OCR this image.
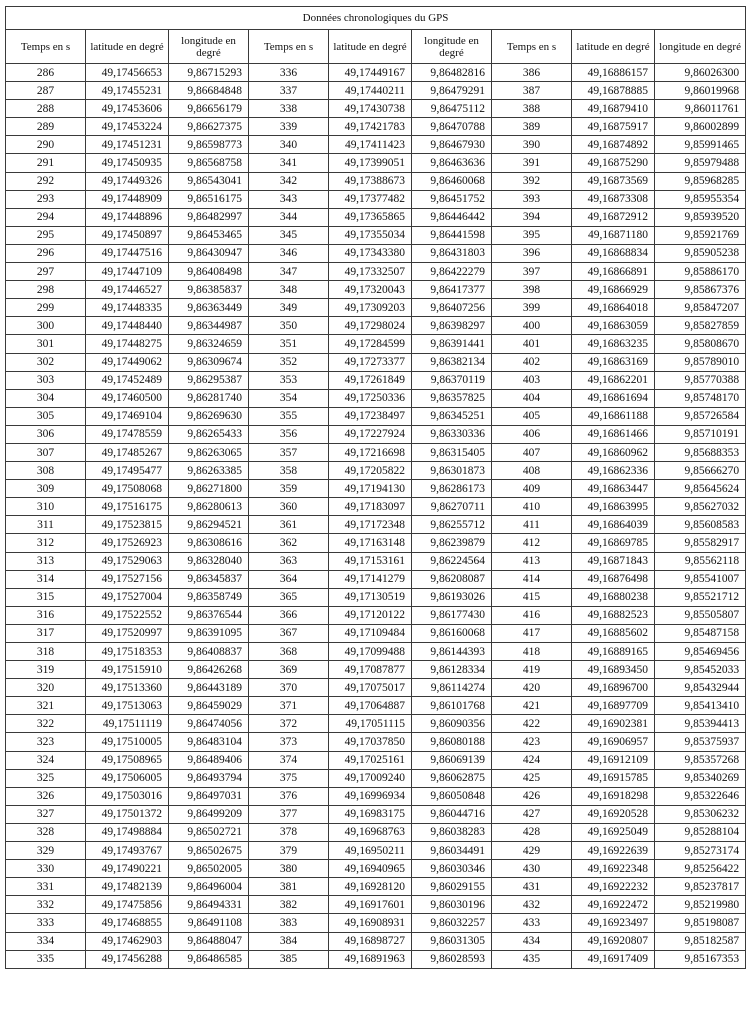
Données chronologiques du GPS								
Temps en s	latitude en degré	longitude en degré	Temps en s	latitude en degré	longitude en degré	Temps en s	latitude en degré	longitude en degré
286	49,17456653	9,86715293	336	49,17449167	9,86482816	386	49,16886157	9,86026300
287	49,17455231	9,86684848	337	49,17440211	9,86479291	387	49,16878885	9,86019968
288	49,17453606	9,86656179	338	49,17430738	9,86475112	388	49,16879410	9,86011761
289	49,17453224	9,86627375	339	49,17421783	9,86470788	389	49,16875917	9,86002899
290	49,17451231	9,86598773	340	49,17411423	9,86467930	390	49,16874892	9,85991465
291	49,17450935	9,86568758	341	49,17399051	9,86463636	391	49,16875290	9,85979488
292	49,17449326	9,86543041	342	49,17388673	9,86460068	392	49,16873569	9,85968285
293	49,17448909	9,86516175	343	49,17377482	9,86451752	393	49,16873308	9,85955354
294	49,17448896	9,86482997	344	49,17365865	9,86446442	394	49,16872912	9,85939520
295	49,17450897	9,86453465	345	49,17355034	9,86441598	395	49,16871180	9,85921769
296	49,17447516	9,86430947	346	49,17343380	9,86431803	396	49,16868834	9,85905238
297	49,17447109	9,86408498	347	49,17332507	9,86422279	397	49,16866891	9,85886170
298	49,17446527	9,86385837	348	49,17320043	9,86417377	398	49,16866929	9,85867376
299	49,17448335	9,86363449	349	49,17309203	9,86407256	399	49,16864018	9,85847207
300	49,17448440	9,86344987	350	49,17298024	9,86398297	400	49,16863059	9,85827859
301	49,17448275	9,86324659	351	49,17284599	9,86391441	401	49,16863235	9,85808670
302	49,17449062	9,86309674	352	49,17273377	9,86382134	402	49,16863169	9,85789010
303	49,17452489	9,86295387	353	49,17261849	9,86370119	403	49,16862201	9,85770388
304	49,17460500	9,86281740	354	49,17250336	9,86357825	404	49,16861694	9,85748170
305	49,17469104	9,86269630	355	49,17238497	9,86345251	405	49,16861188	9,85726584
306	49,17478559	9,86265433	356	49,17227924	9,86330336	406	49,16861466	9,85710191
307	49,17485267	9,86263065	357	49,17216698	9,86315405	407	49,16860962	9,85688353
308	49,17495477	9,86263385	358	49,17205822	9,86301873	408	49,16862336	9,85666270
309	49,17508068	9,86271800	359	49,17194130	9,86286173	409	49,16863447	9,85645624
310	49,17516175	9,86280613	360	49,17183097	9,86270711	410	49,16863995	9,85627032
311	49,17523815	9,86294521	361	49,17172348	9,86255712	411	49,16864039	9,85608583
312	49,17526923	9,86308616	362	49,17163148	9,86239879	412	49,16869785	9,85582917
313	49,17529063	9,86328040	363	49,17153161	9,86224564	413	49,16871843	9,85562118
314	49,17527156	9,86345837	364	49,17141279	9,86208087	414	49,16876498	9,85541007
315	49,17527004	9,86358749	365	49,17130519	9,86193026	415	49,16880238	9,85521712
316	49,17522552	9,86376544	366	49,17120122	9,86177430	416	49,16882523	9,85505807
317	49,17520997	9,86391095	367	49,17109484	9,86160068	417	49,16885602	9,85487158
318	49,17518353	9,86408837	368	49,17099488	9,86144393	418	49,16889165	9,85469456
319	49,17515910	9,86426268	369	49,17087877	9,86128334	419	49,16893450	9,85452033
320	49,17513360	9,86443189	370	49,17075017	9,86114274	420	49,16896700	9,85432944
321	49,17513063	9,86459029	371	49,17064887	9,86101768	421	49,16897709	9,85413410
322	49,17511119	9,86474056	372	49,17051115	9,86090356	422	49,16902381	9,85394413
323	49,17510005	9,86483104	373	49,17037850	9,86080188	423	49,16906957	9,85375937
324	49,17508965	9,86489406	374	49,17025161	9,86069139	424	49,16912109	9,85357268
325	49,17506005	9,86493794	375	49,17009240	9,86062875	425	49,16915785	9,85340269
326	49,17503016	9,86497031	376	49,16996934	9,86050848	426	49,16918298	9,85322646
327	49,17501372	9,86499209	377	49,16983175	9,86044716	427	49,16920528	9,85306232
328	49,17498884	9,86502721	378	49,16968763	9,86038283	428	49,16925049	9,85288104
329	49,17493767	9,86502675	379	49,16950211	9,86034491	429	49,16922639	9,85273174
330	49,17490221	9,86502005	380	49,16940965	9,86030346	430	49,16922348	9,85256422
331	49,17482139	9,86496004	381	49,16928120	9,86029155	431	49,16922232	9,85237817
332	49,17475856	9,86494331	382	49,16917601	9,86030196	432	49,16922472	9,85219980
333	49,17468855	9,86491108	383	49,16908931	9,86032257	433	49,16923497	9,85198087
334	49,17462903	9,86488047	384	49,16898727	9,86031305	434	49,16920807	9,85182587
335	49,17456288	9,86486585	385	49,16891963	9,86028593	435	49,16917409	9,85167353
